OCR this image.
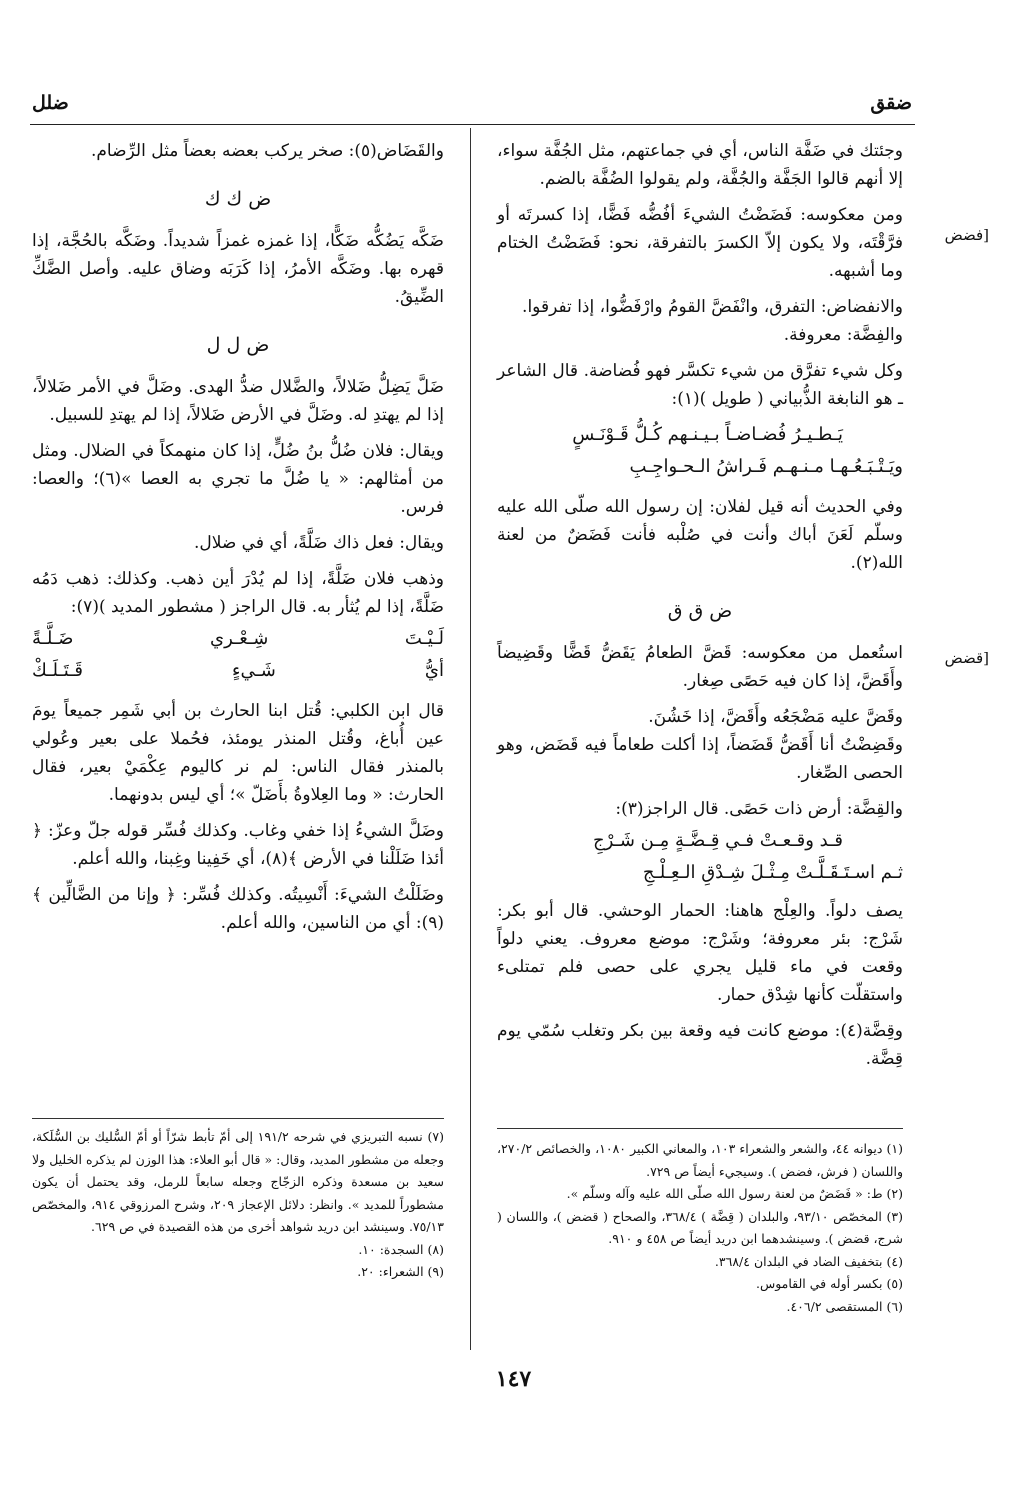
ضقق
ضلل
[فضض
[قضض

وجئتك في ضَفَّة الناس، أي في جماعتهم، مثل الجُفَّة سواء، إلا أنهم قالوا الجَفَّة والجُفَّة، ولم يقولوا الضُفَّة بالضم.

ومن معكوسه: فَضَضْتُ الشيءَ أفُضُّه فَضًّا، إذا كسرتَه أو فرَّقْتَه، ولا يكون إلاّ الكسرَ بالتفرقة، نحو: فَضَضْتُ الختام وما أشبهه.

والانفضاض: التفرق، وانْفَضَّ القومُ وارْفَضُّوا، إذا تفرقوا.

والفِضَّة: معروفة.

وكل شيء تفرَّق من شيء تكسَّر فهو فُضاضة. قال الشاعر ـ هو النابغة الذُّبياني ( طويل )(١):

يَـطـيـرُ فُضـاضـاً بـيـنـهم كُـلُّ قَـوْنَـسٍ
ويَـتْـبَـعُـهـا مـنـهـم فَـراشُ الـحـواجِـبِ

وفي الحديث أنه قيل لفلان: إن رسول الله صلّى الله عليه وسلّم لَعَنَ أباك وأنت في صُلْبه فأنت فَضَضٌ من لعنة الله(٢).

ض ق ق

استُعمل من معكوسه: قَضَّ الطعامُ يَقَضُّ قَضًّا وقَضِيضاً وأَقَضَّ، إذا كان فيه حَصًى صِغار.

وقَضَّ عليه مَضْجَعُه وأَقَضَّ، إذا خَشُنَ.

وقَضِضْتُ أنا أَقَضُّ قَضَضاً، إذا أكلت طعاماً فيه قَضَض، وهو الحصى الصِّغار.

والقِضَّة: أرض ذات حَصًى. قال الراجز(٣):

قـد وقـعـتْ فـي قِـضَّـةٍ مِـن شَـرْجِ
ثـم اسـتَـقَـلَّـتْ مِـثْـلَ شِـدْقِ الـعِـلْـجِ

يصف دلواً. والعِلْج هاهنا: الحمار الوحشي. قال أبو بكر: شَرْج: بئر معروفة؛ وشَرْج: موضع معروف. يعني دلواً وقعت في ماء قليل يجري على حصى فلم تمتلىء واستقلّت كأنها شِدْق حمار.

وقِضَّة(٤): موضع كانت فيه وقعة بين بكر وتغلب سُمّي يوم قِضَّة.

والقَضَاض(٥): صخر يركب بعضه بعضاً مثل الرِّضام.

ض ك ك

ضَكَّه يَضُكُّه ضَكًّا، إذا غمزه غمزاً شديداً. وضَكَّه بالحُجَّة، إذا قهره بها. وضَكَّه الأمرُ، إذا كَرَبَه وضاق عليه. وأصل الضَّكِّ الضِّيقُ.

ض ل ل

ضَلَّ يَضِلُّ ضَلالاً، والضَّلال ضدُّ الهدى. وضَلَّ في الأمر ضَلالاً، إذا لم يهتدِ له. وضَلَّ في الأرض ضَلالاً، إذا لم يهتدِ للسبيل.

ويقال: فلان ضُلُّ بنُ ضُلٍّ، إذا كان منهمكاً في الضلال. ومثل من أمثالهم: « يا ضُلَّ ما تجري به العصا »(٦)؛ والعصا: فرس.

ويقال: فعل ذاك ضَلَّةً، أي في ضلال.

وذهب فلان ضَلَّةً، إذا لم يُدْرَ أين ذهب. وكذلك: ذهب دَمُه ضَلَّةً، إذا لم يُثأر به. قال الراجز ( مشطور المديد )(٧):

لَـيْـتَ
شِـعْـري
ضَـلَّـةً
أيُّ
شَـيءٍ
قَـتَـلَـكْ

قال ابن الكلبي: قُتل ابنا الحارث بن أبي شَمِر جميعاً يومَ عين أُباغ، وقُتل المنذر يومئذ، فحُملا على بعير وعُولي بالمنذر فقال الناس: لم نر كاليوم عِكْمَيْ بعير، فقال الحارث: « وما العِلاوةُ بأَضَلّ »؛ أي ليس بدونهما.

وضَلَّ الشيءُ إذا خفي وغاب. وكذلك فُسِّر قوله جلّ وعزّ: ﴿ أئذا ضَلَلْنا في الأرض ﴾(٨)، أي خَفِينا وغِبنا، والله أعلم.

وضَلَلْتُ الشيءَ: أَنْسِيتُه. وكذلك فُسِّر: ﴿ وإنا من الضَّالِّين ﴾(٩): أي من الناسين، والله أعلم.

(١) ديوانه ٤٤، والشعر والشعراء ١٠٣، والمعاني الكبير ١٠٨٠، والخصائص ٢٧٠/٢، واللسان ( فرش، فضض ). وسيجيء أيضاً ص ٧٢٩.
(٢) ط: « فَضَضٌ من لعنة رسول الله صلّى الله عليه وآله وسلّم ».
(٣) المخصّص ٩٣/١٠، والبلدان ( قِضَّة ) ٣٦٨/٤، والصحاح ( قضض )، واللسان ( شرج، قضض ). وسينشدهما ابن دريد أيضاً ص ٤٥٨ و ٩١٠.
(٤) بتخفيف الضاد في البلدان ٣٦٨/٤.
(٥) بكسر أوله في القاموس.
(٦) المستقصى ٤٠٦/٢.
(٧) نسبه التبريزي في شرحه ١٩١/٢ إلى أمّ تأبط شرّاً أو أمّ السُّليك بن السُّلَكة، وجعله من مشطور المديد، وقال: « قال أبو العلاء: هذا الوزن لم يذكره الخليل ولا سعيد بن مسعدة وذكره الزجّاج وجعله سابعاً للرمل، وقد يحتمل أن يكون مشطوراً للمديد ». وانظر: دلائل الإعجاز ٢٠٩، وشرح المرزوقي ٩١٤، والمخصّص ٧٥/١٣. وسينشد ابن دريد شواهد أخرى من هذه القصيدة في ص ٦٢٩.
(٨) السجدة: ١٠.
(٩) الشعراء: ٢٠.
١٤٧
